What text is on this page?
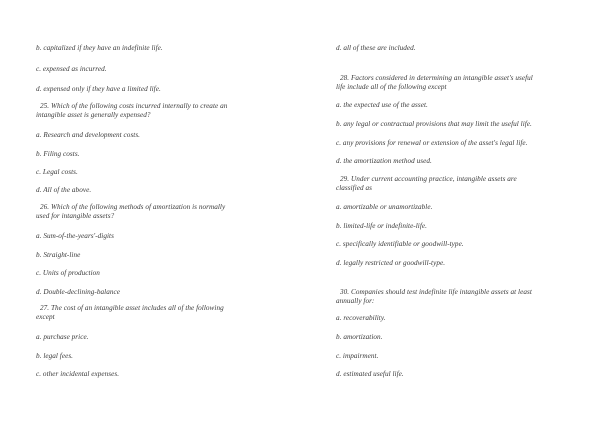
b. capitalized if they have an indefinite life.
c. expensed as incurred.
d. expensed only if they have a limited life.
25. Which of the following costs incurred internally to create an
intangible asset is generally expensed?
a. Research and development costs.
b. Filing costs.
c. Legal costs.
d. All of the above.
26. Which of the following methods of amortization is normally
used for intangible assets?
a. Sum-of-the-years'-digits
b. Straight-line
c. Units of production
d. Double-declining-balance
27. The cost of an intangible asset includes all of the following
except
a. purchase price.
b. legal fees.
c. other incidental expenses.
d. all of these are included.
28. Factors considered in determining an intangible asset's useful
life include all of the following except
a. the expected use of the asset.
b. any legal or contractual provisions that may limit the useful life.
c. any provisions for renewal or extension of the asset's legal life.
d. the amortization method used.
29. Under current accounting practice, intangible assets are
classified as
a. amortizable or unamortizable.
b. limited-life or indefinite-life.
c. specifically identifiable or goodwill-type.
d. legally restricted or goodwill-type.
30. Companies should test indefinite life intangible assets at least
annually for:
a. recoverability.
b. amortization.
c. impairment.
d. estimated useful life.
